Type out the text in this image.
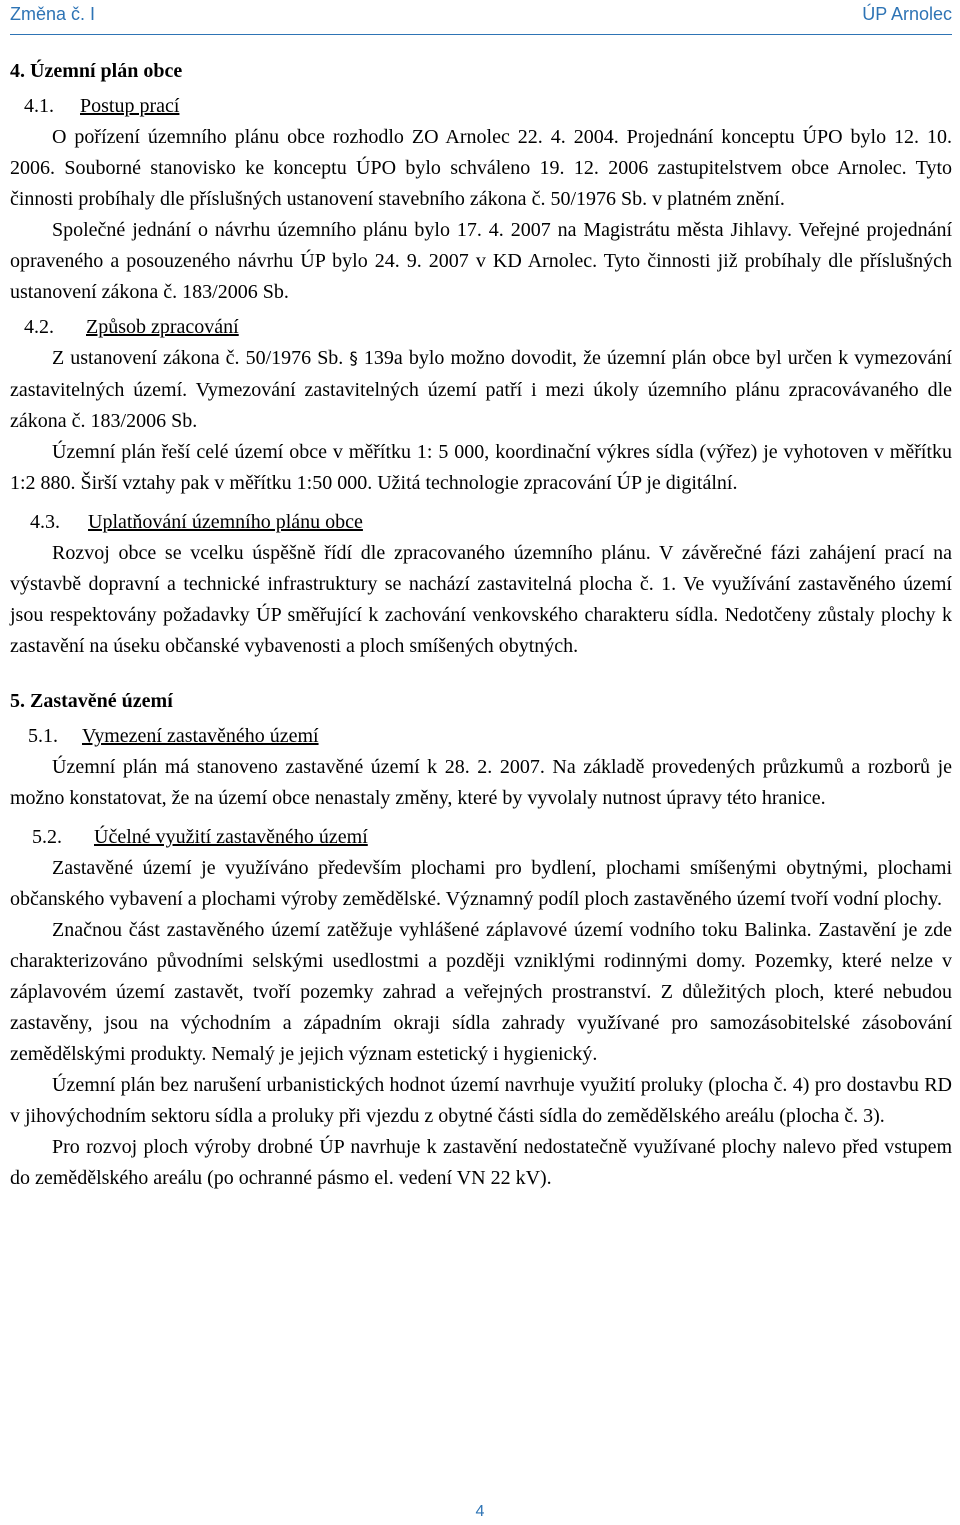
Změna č. I	ÚP Arnolec

4. Územní plán obce

4.1. Postup prací

O pořízení územního plánu obce rozhodlo ZO Arnolec 22. 4. 2004. Projednání konceptu ÚPO bylo 12. 10. 2006. Souborné stanovisko ke konceptu ÚPO bylo schváleno 19. 12. 2006 zastupitelstvem obce Arnolec. Tyto činnosti probíhaly dle příslušných ustanovení stavebního zákona č. 50/1976 Sb. v platném znění.

Společné jednání o návrhu územního plánu bylo 17. 4. 2007 na Magistrátu města Jihlavy. Veřejné projednání opraveného a posouzeného návrhu ÚP bylo 24. 9. 2007 v KD Arnolec. Tyto činnosti již probíhaly dle příslušných ustanovení zákona č. 183/2006 Sb.

4.2. Způsob zpracování

Z ustanovení zákona č. 50/1976 Sb. § 139a bylo možno dovodit, že územní plán obce byl určen k vymezování zastavitelných území. Vymezování zastavitelných území patří i mezi úkoly územního plánu zpracovávaného dle zákona č. 183/2006 Sb.

Územní plán řeší celé území obce v měřítku 1: 5 000, koordinační výkres sídla (výřez) je vyhotoven v měřítku 1:2 880. Širší vztahy pak v měřítku 1:50 000. Užitá technologie zpracování ÚP je digitální.

4.3. Uplatňování územního plánu obce

Rozvoj obce se vcelku úspěšně řídí dle zpracovaného územního plánu. V závěrečné fázi zahájení prací na výstavbě dopravní a technické infrastruktury se nachází zastavitelná plocha č. 1. Ve využívání zastavěného území jsou respektovány požadavky ÚP směřující k zachování venkovského charakteru sídla. Nedotčeny zůstaly plochy k zastavění na úseku občanské vybavenosti a ploch smíšených obytných.

5. Zastavěné území

5.1. Vymezení zastavěného území

Územní plán má stanoveno zastavěné území k 28. 2. 2007. Na základě provedených průzkumů a rozborů je možno konstatovat, že na území obce nenastaly změny, které by vyvolaly nutnost úpravy této hranice.

5.2. Účelné využití zastavěného území

Zastavěné území je využíváno především plochami pro bydlení, plochami smíšenými obytnými, plochami občanského vybavení a plochami výroby zemědělské. Významný podíl ploch zastavěného území tvoří vodní plochy.

Značnou část zastavěného území zatěžuje vyhlášené záplavové území vodního toku Balinka. Zastavění je zde charakterizováno původními selskými usedlostmi a později vzniklými rodinnými domy. Pozemky, které nelze v záplavovém území zastavět, tvoří pozemky zahrad a veřejných prostranství. Z důležitých ploch, které nebudou zastavěny, jsou na východním a západním okraji sídla zahrady využívané pro samozásobitelské zásobování zemědělskými produkty. Nemalý je jejich význam estetický i hygienický.

Územní plán bez narušení urbanistických hodnot území navrhuje využití proluky (plocha č. 4) pro dostavbu RD v jihovýchodním sektoru sídla a proluky při vjezdu z obytné části sídla do zemědělského areálu (plocha č. 3).

Pro rozvoj ploch výroby drobné ÚP navrhuje k zastavění nedostatečně využívané plochy nalevo před vstupem do zemědělského areálu (po ochranné pásmo el. vedení VN 22 kV).

4
